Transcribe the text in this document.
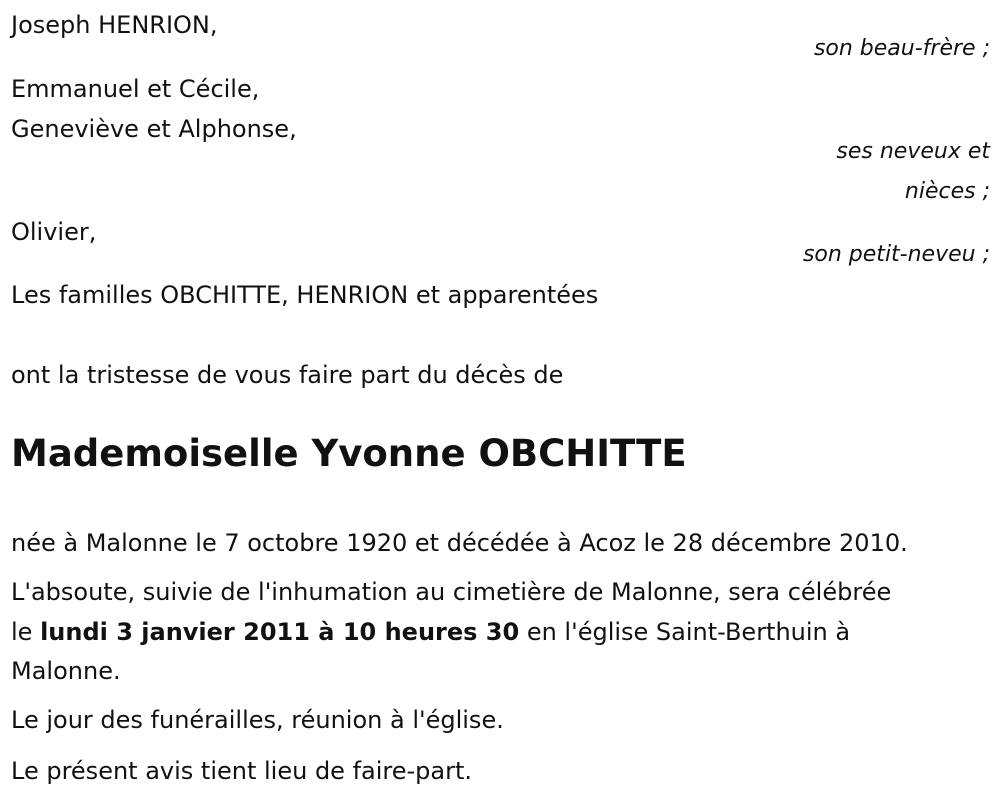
Joseph HENRION,
son beau-frère ;
Emmanuel et Cécile,
Geneviève et Alphonse,
ses neveux et
nièces ;
Olivier,
son petit-neveu ;
Les familles OBCHITTE, HENRION et apparentées
ont la tristesse de vous faire part du décès de
Mademoiselle Yvonne OBCHITTE
née à Malonne le 7 octobre 1920 et décédée à Acoz le 28 décembre 2010.
L'absoute, suivie de l'inhumation au cimetière de Malonne, sera célébrée
le lundi 3 janvier 2011 à 10 heures 30 en l'église Saint-Berthuin à
Malonne.
Le jour des funérailles, réunion à l'église.
Le présent avis tient lieu de faire-part.
